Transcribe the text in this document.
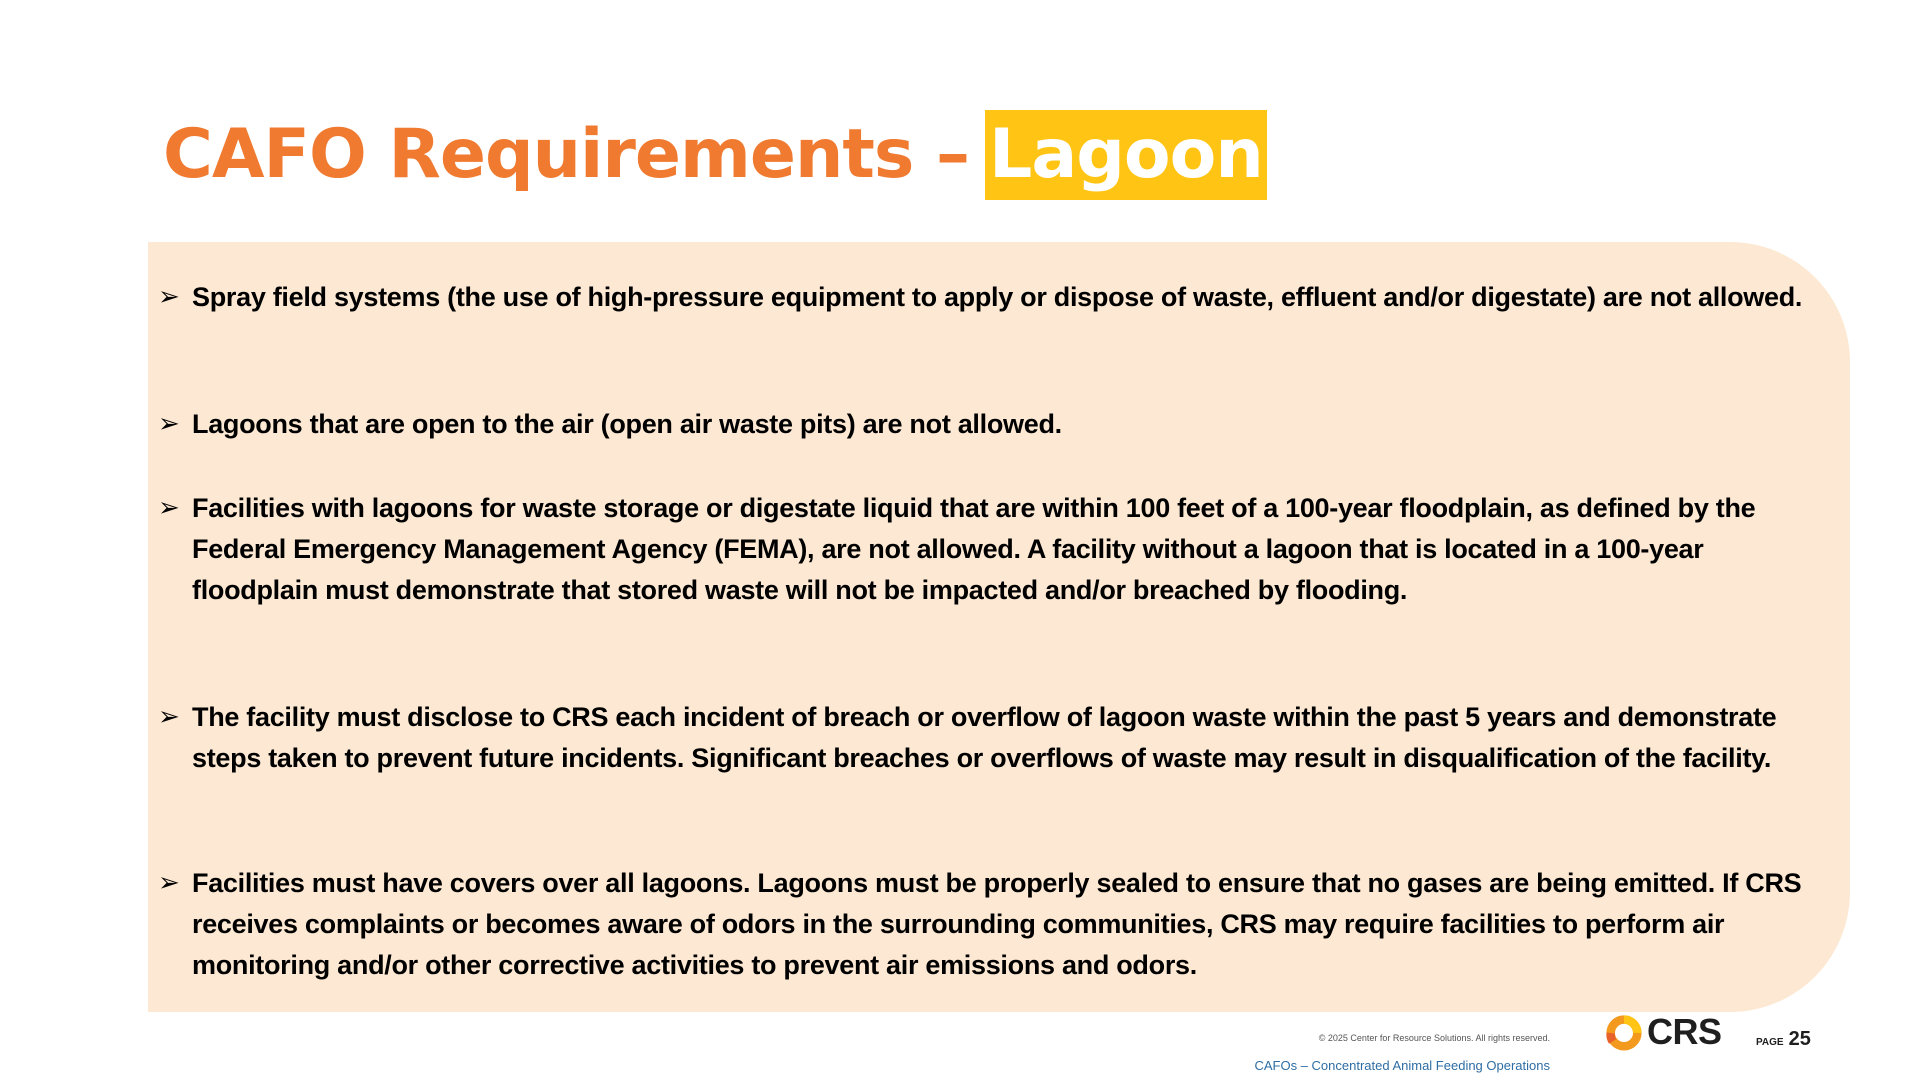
CAFO Requirements – Lagoon
➢ Spray field systems (the use of high-pressure equipment to apply or dispose of waste, effluent and/or digestate) are not allowed.
➢ Lagoons that are open to the air (open air waste pits) are not allowed.
➢ Facilities with lagoons for waste storage or digestate liquid that are within 100 feet of a 100-year floodplain, as defined by the Federal Emergency Management Agency (FEMA), are not allowed. A facility without a lagoon that is located in a 100-year floodplain must demonstrate that stored waste will not be impacted and/or breached by flooding.
➢ The facility must disclose to CRS each incident of breach or overflow of lagoon waste within the past 5 years and demonstrate steps taken to prevent future incidents. Significant breaches or overflows of waste may result in disqualification of the facility.
➢ Facilities must have covers over all lagoons. Lagoons must be properly sealed to ensure that no gases are being emitted. If CRS receives complaints or becomes aware of odors in the surrounding communities, CRS may require facilities to perform air monitoring and/or other corrective activities to prevent air emissions and odors.
© 2025 Center for Resource Solutions. All rights reserved.
CAFOs – Concentrated Animal Feeding Operations
CRS	PAGE 25
